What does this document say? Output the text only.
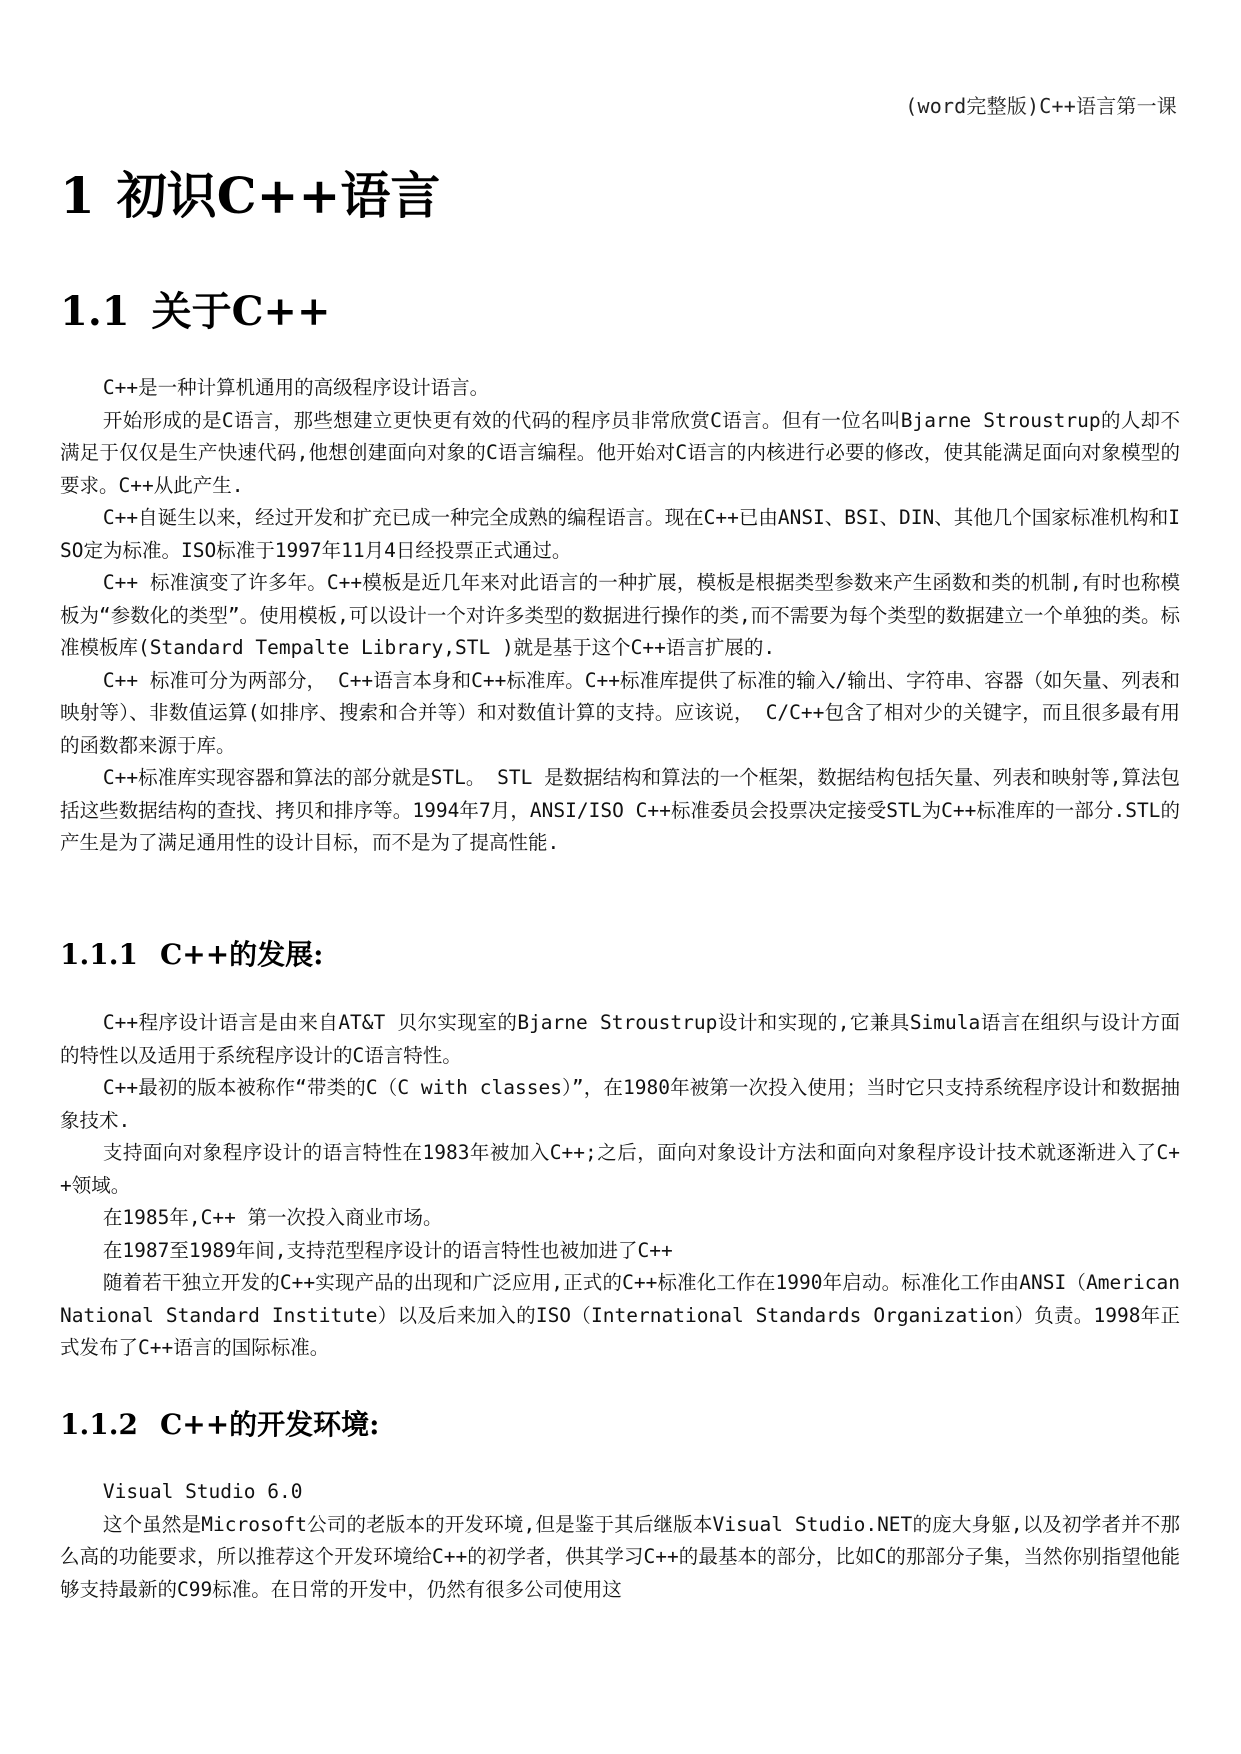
(word完整版)C++语言第一课
1 初识C++语言
1.1 关于C++

C++是一种计算机通用的高级程序设计语言。

开始形成的是C语言，那些想建立更快更有效的代码的程序员非常欣赏C语言。但有一位名叫Bjarne Stroustrup的人却不满足于仅仅是生产快速代码,他想创建面向对象的C语言编程。他开始对C语言的内核进行必要的修改，使其能满足面向对象模型的要求。C++从此产生.

C++自诞生以来，经过开发和扩充已成一种完全成熟的编程语言。现在C++已由ANSI、BSI、DIN、其他几个国家标准机构和ISO定为标准。ISO标准于1997年11月4日经投票正式通过。

C++ 标准演变了许多年。C++模板是近几年来对此语言的一种扩展，模板是根据类型参数来产生函数和类的机制,有时也称模板为“参数化的类型”。使用模板,可以设计一个对许多类型的数据进行操作的类,而不需要为每个类型的数据建立一个单独的类。标准模板库(Standard Tempalte Library,STL )就是基于这个C++语言扩展的.

C++ 标准可分为两部分， C++语言本身和C++标准库。C++标准库提供了标准的输入/输出、字符串、容器（如矢量、列表和映射等）、非数值运算(如排序、搜索和合并等）和对数值计算的支持。应该说， C/C++包含了相对少的关键字，而且很多最有用的函数都来源于库。

C++标准库实现容器和算法的部分就是STL。 STL 是数据结构和算法的一个框架，数据结构包括矢量、列表和映射等,算法包括这些数据结构的查找、拷贝和排序等。1994年7月，ANSI/ISO C++标准委员会投票决定接受STL为C++标准库的一部分.STL的产生是为了满足通用性的设计目标，而不是为了提高性能.

1.1.1 C++的发展:

C++程序设计语言是由来自AT&T 贝尔实现室的Bjarne Stroustrup设计和实现的,它兼具Simula语言在组织与设计方面的特性以及适用于系统程序设计的C语言特性。

C++最初的版本被称作“带类的C（C with classes）”，在1980年被第一次投入使用；当时它只支持系统程序设计和数据抽象技术.

支持面向对象程序设计的语言特性在1983年被加入C++;之后，面向对象设计方法和面向对象程序设计技术就逐渐进入了C++领域。

在1985年,C++ 第一次投入商业市场。

在1987至1989年间,支持范型程序设计的语言特性也被加进了C++

随着若干独立开发的C++实现产品的出现和广泛应用,正式的C++标准化工作在1990年启动。标准化工作由ANSI（American National Standard Institute）以及后来加入的ISO（International Standards Organization）负责。1998年正式发布了C++语言的国际标准。

1.1.2 C++的开发环境:

Visual Studio 6.0

这个虽然是Microsoft公司的老版本的开发环境,但是鉴于其后继版本Visual Studio.NET的庞大身躯,以及初学者并不那么高的功能要求，所以推荐这个开发环境给C++的初学者，供其学习C++的最基本的部分，比如C的那部分子集，当然你别指望他能够支持最新的C99标准。在日常的开发中，仍然有很多公司使用这
